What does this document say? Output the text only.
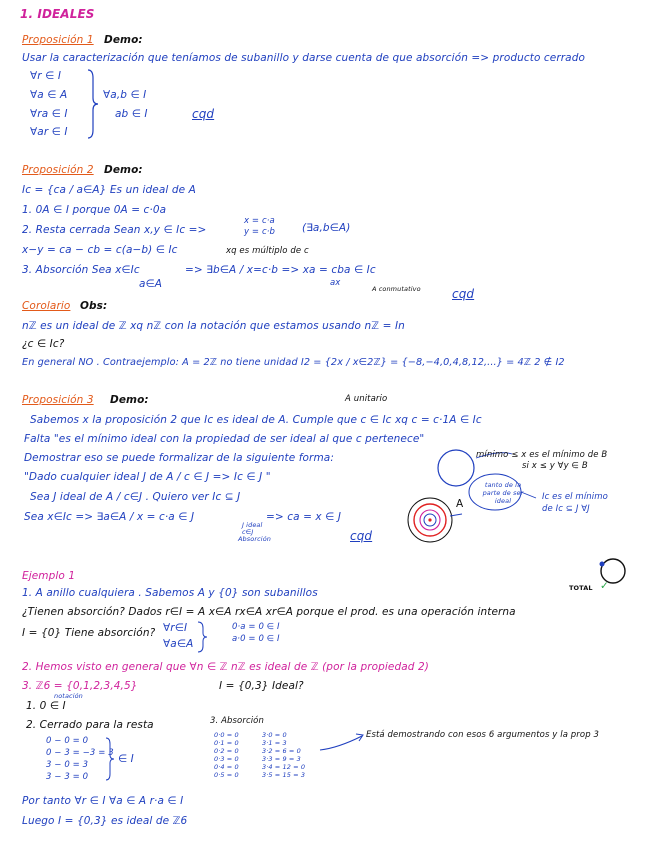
1. IDEALES
Proposición 1 Demo:
Usar la caracterización que teníamos de subanillo y darse cuenta de que absorción => producto cerrado
∀r ∈ I
∀a ∈ A
∀ra ∈ I
∀ar ∈ I
∀a,b ∈ I
ab ∈ I	cqd
Proposición 2 Demo:
Ic = {ca / a∈A} Es un ideal de A
1. 0A ∈ I porque 0A = c·0a
2. Resta cerrada Sean x,y ∈ Ic =>
x = c·a
y = c·b	(∃a,b∈A)
x−y = ca − cb = c(a−b) ∈ Ic	xq es múltiplo de c
3. Absorción Sea x∈Ic
a∈A
=> ∃b∈A / x=c·b => xa = cba ∈ Ic
ax
A conmutativo	cqd
Corolario Obs:
nℤ es un ideal de ℤ xq nℤ con la notación que estamos usando nℤ = In
¿c ∈ Ic?
En general NO . Contraejemplo: A = 2ℤ no tiene unidad I2 = {2x / x∈2ℤ} = {−8,−4,0,4,8,12,...} = 4ℤ 2 ∉ I2
A unitario
Proposición 3 Demo:
Sabemos x la proposición 2 que Ic es ideal de A. Cumple que c ∈ Ic xq c = c·1A ∈ Ic
Falta "es el mínimo ideal con la propiedad de ser ideal al que c pertenece"
Demostrar eso se puede formalizar de la siguiente forma:
"Dado cualquier ideal J de A / c ∈ J => Ic ∈ J "
Sea J ideal de A / c∈J . Quiero ver Ic ⊆ J
Sea x∈Ic => ∃a∈A / x = c·a ∈ J	=> ca = x ∈ J
J ideal
c∈J
Absorción	cqd
mínimo ≤ x es el mínimo de B
si x ≤ y ∀y ∈ B
Ic es el mínimo
de Ic ⊆ J ∀J
tanto de la parte de ser ideal
A
Ejemplo 1
TOTAL ✓
1. A anillo cualquiera . Sabemos A y {0} son subanillos
¿Tienen absorción? Dados r∈I = A x∈A rx∈A xr∈A porque el prod. es una operación interna
I = {0} Tiene absorción? ∀r∈I
∀a∈A
0·a = 0 ∈ I
a·0 = 0 ∈ I
2. Hemos visto en general que ∀n ∈ ℤ nℤ es ideal de ℤ (por la propiedad 2)
3. ℤ6 = {0,1,2,3,4,5}
notación
I = {0,3} Ideal?
1. 0 ∈ I
2. Cerrado para la resta	3. Absorción
0 − 0 = 0
0 − 3 = −3 = 3
3 − 0 = 3
3 − 3 = 0
∈ I
0·0 = 0
0·1 = 0
0·2 = 0
0·3 = 0
0·4 = 0
0·5 = 0
3·0 = 0
3·1 = 3
3·2 = 6 = 0
3·3 = 9 = 3
3·4 = 12 = 0
3·5 = 15 = 3
Está demostrando con esos 6 argumentos y la prop 3
Por tanto ∀r ∈ I ∀a ∈ A r·a ∈ I
Luego I = {0,3} es ideal de ℤ6
